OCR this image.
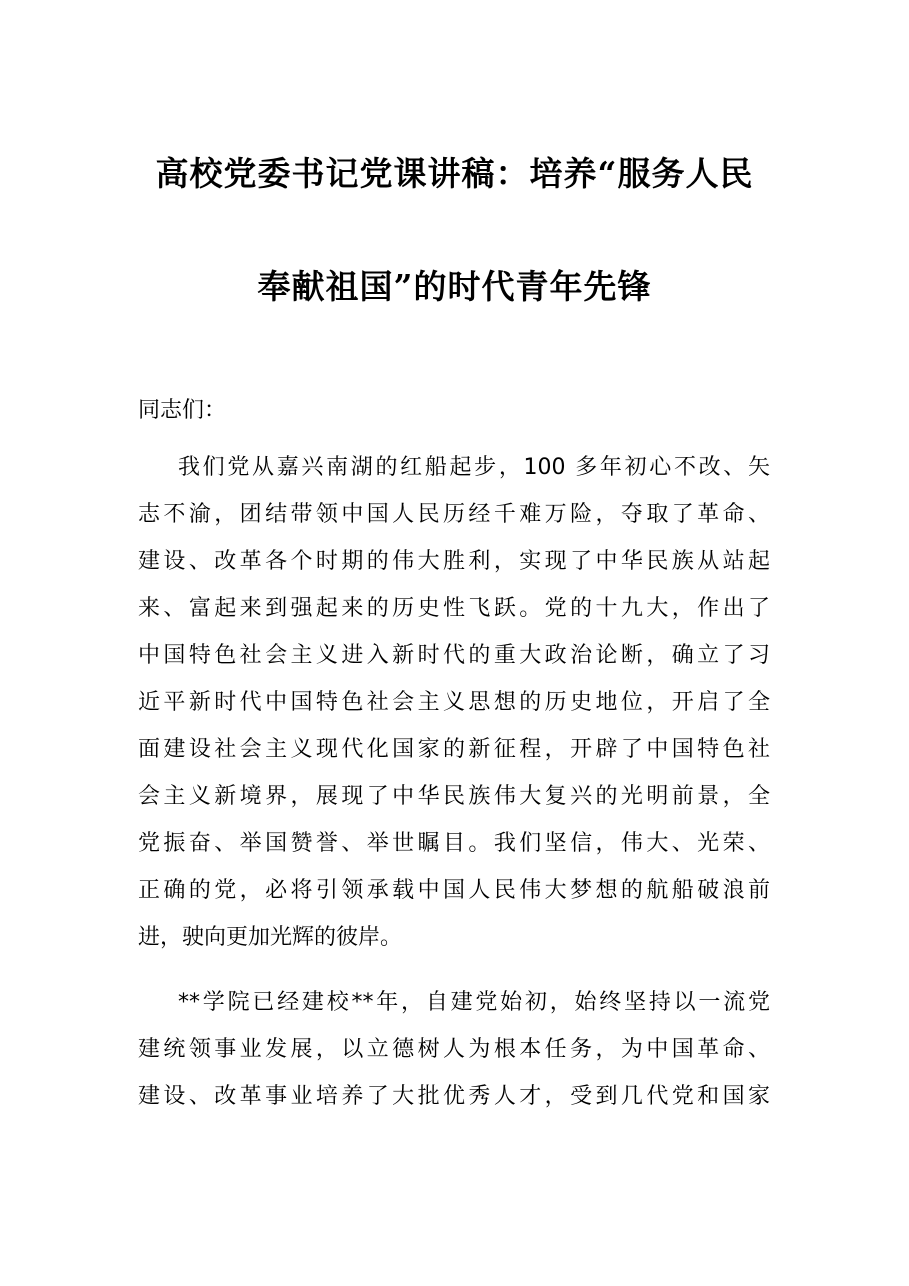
高校党委书记党课讲稿：培养“服务人民
奉献祖国”的时代青年先锋
同志们：
我们党从嘉兴南湖的红船起步，100 多年初心不改、矢
志不渝，团结带领中国人民历经千难万险，夺取了革命、
建设、改革各个时期的伟大胜利，实现了中华民族从站起
来、富起来到强起来的历史性飞跃。党的十九大，作出了
中国特色社会主义进入新时代的重大政治论断，确立了习
近平新时代中国特色社会主义思想的历史地位，开启了全
面建设社会主义现代化国家的新征程，开辟了中国特色社
会主义新境界，展现了中华民族伟大复兴的光明前景，全
党振奋、举国赞誉、举世瞩目。我们坚信，伟大、光荣、
正确的党，必将引领承载中国人民伟大梦想的航船破浪前
进，驶向更加光辉的彼岸。
**学院已经建校**年，自建党始初，始终坚持以一流党
建统领事业发展，以立德树人为根本任务，为中国革命、
建设、改革事业培养了大批优秀人才，受到几代党和国家
